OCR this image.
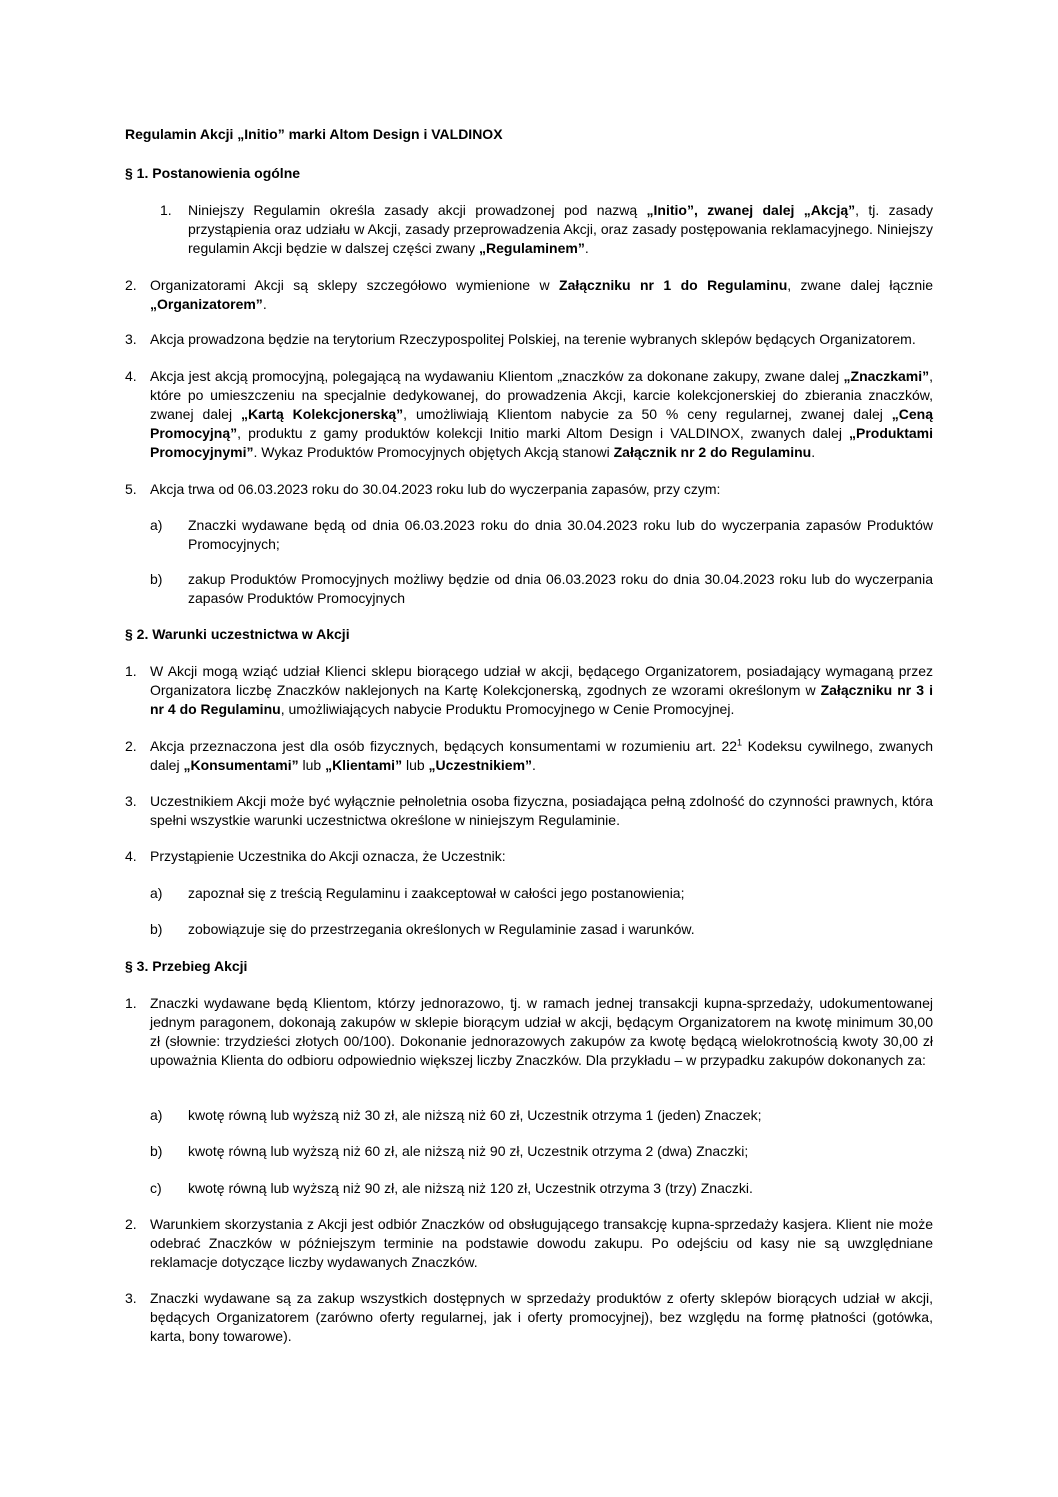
Regulamin Akcji „Initio” marki Altom Design i VALDINOX
§ 1. Postanowienia ogólne
1. Niniejszy Regulamin określa zasady akcji prowadzonej pod nazwą „Initio”, zwanej dalej „Akcją”, tj. zasady przystąpienia oraz udziału w Akcji, zasady przeprowadzenia Akcji, oraz zasady postępowania reklamacyjnego. Niniejszy regulamin Akcji będzie w dalszej części zwany „Regulaminem”.
2. Organizatorami Akcji są sklepy szczegółowo wymienione w Załączniku nr 1 do Regulaminu, zwane dalej łącznie „Organizatorem”.
3. Akcja prowadzona będzie na terytorium Rzeczypospolitej Polskiej, na terenie wybranych sklepów będących Organizatorem.
4. Akcja jest akcją promocyjną, polegającą na wydawaniu Klientom „znaczków za dokonane zakupy, zwane dalej „Znaczkami”, które po umieszczeniu na specjalnie dedykowanej, do prowadzenia Akcji, karcie kolekcjonerskiej do zbierania znaczków, zwanej dalej „Kartą Kolekcjonerską”, umożliwiają Klientom nabycie za 50 % ceny regularnej, zwanej dalej „Ceną Promocyjną”, produktu z gamy produktów kolekcji Initio marki Altom Design i VALDINOX, zwanych dalej „Produktami Promocyjnymi”. Wykaz Produktów Promocyjnych objętych Akcją stanowi Załącznik nr 2 do Regulaminu.
5. Akcja trwa od 06.03.2023 roku do 30.04.2023 roku lub do wyczerpania zapasów, przy czym:
a) Znaczki wydawane będą od dnia 06.03.2023 roku do dnia 30.04.2023 roku lub do wyczerpania zapasów Produktów Promocyjnych;
b) zakup Produktów Promocyjnych możliwy będzie od dnia 06.03.2023 roku do dnia 30.04.2023 roku lub do wyczerpania zapasów Produktów Promocyjnych
§ 2. Warunki uczestnictwa w Akcji
1. W Akcji mogą wziąć udział Klienci sklepu biorącego udział w akcji, będącego Organizatorem, posiadający wymaganą przez Organizatora liczbę Znaczków naklejonych na Kartę Kolekcjonerską, zgodnych ze wzorami określonym w Załączniku nr 3 i nr 4 do Regulaminu, umożliwiających nabycie Produktu Promocyjnego w Cenie Promocyjnej.
2. Akcja przeznaczona jest dla osób fizycznych, będących konsumentami w rozumieniu art. $22^1$ Kodeksu cywilnego, zwanych dalej „Konsumentami” lub „Klientami” lub „Uczestnikiem”.
3. Uczestnikiem Akcji może być wyłącznie pełnoletnia osoba fizyczna, posiadająca pełną zdolność do czynności prawnych, która spełni wszystkie warunki uczestnictwa określone w niniejszym Regulaminie.
4. Przystąpienie Uczestnika do Akcji oznacza, że Uczestnik:
a) zapoznał się z treścią Regulaminu i zaakceptował w całości jego postanowienia;
b) zobowiązuje się do przestrzegania określonych w Regulaminie zasad i warunków.
§ 3. Przebieg Akcji
1. Znaczki wydawane będą Klientom, którzy jednorazowo, tj. w ramach jednej transakcji kupna-sprzedaży, udokumentowanej jednym paragonem, dokonają zakupów w sklepie biorącym udział w akcji, będącym Organizatorem na kwotę minimum 30,00 zł (słownie: trzydzieści złotych 00/100). Dokonanie jednorazowych zakupów za kwotę będącą wielokrotnością kwoty 30,00 zł upoważnia Klienta do odbioru odpowiednio większej liczby Znaczków. Dla przykładu – w przypadku zakupów dokonanych za:
a) kwotę równą lub wyższą niż 30 zł, ale niższą niż 60 zł, Uczestnik otrzyma 1 (jeden) Znaczek;
b) kwotę równą lub wyższą niż 60 zł, ale niższą niż 90 zł, Uczestnik otrzyma 2 (dwa) Znaczki;
c) kwotę równą lub wyższą niż 90 zł, ale niższą niż 120 zł, Uczestnik otrzyma 3 (trzy) Znaczki.
2. Warunkiem skorzystania z Akcji jest odbiór Znaczków od obsługującego transakcję kupna-sprzedaży kasjera. Klient nie może odebrać Znaczków w późniejszym terminie na podstawie dowodu zakupu. Po odejściu od kasy nie są uwzględniane reklamacje dotyczące liczby wydawanych Znaczków.
3. Znaczki wydawane są za zakup wszystkich dostępnych w sprzedaży produktów z oferty sklepów biorących udział w akcji, będących Organizatorem (zarówno oferty regularnej, jak i oferty promocyjnej), bez względu na formę płatności (gotówka, karta, bony towarowe).
